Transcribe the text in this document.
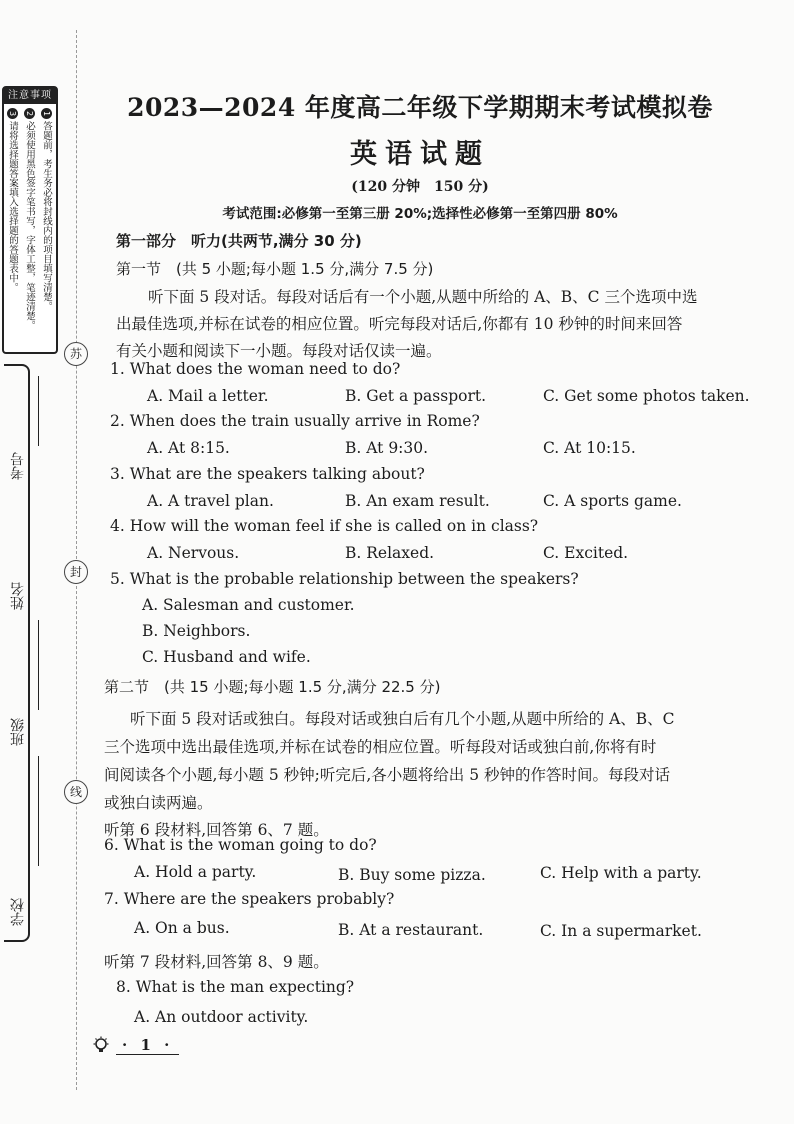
注意事项
1答题前，考生务必将封线内的项目填写清楚。
2必须使用黑色签字笔书写，字体工整，笔迹清楚。
3请将选择题答案填入选择题的答题表中。
苏
封
线
考号
姓名
班级
学校
2023—2024 年度高二年级下学期期末考试模拟卷
英语试题
(120 分钟　150 分)
考试范围:必修第一至第三册 20%;选择性必修第一至第四册 80%
第一部分　听力(共两节,满分 30 分)
第一节　(共 5 小题;每小题 1.5 分,满分 7.5 分)
听下面 5 段对话。每段对话后有一个小题,从题中所给的 A、B、C 三个选项中选
出最佳选项,并标在试卷的相应位置。听完每段对话后,你都有 10 秒钟的时间来回答
有关小题和阅读下一小题。每段对话仅读一遍。
1. What does the woman need to do?
A. Mail a letter.	B. Get a passport.	C. Get some photos taken.
2. When does the train usually arrive in Rome?
A. At 8:15.	B. At 9:30.	C. At 10:15.
3. What are the speakers talking about?
A. A travel plan.	B. An exam result.	C. A sports game.
4. How will the woman feel if she is called on in class?
A. Nervous.	B. Relaxed.	C. Excited.
5. What is the probable relationship between the speakers?
A. Salesman and customer.
B. Neighbors.
C. Husband and wife.
第二节　(共 15 小题;每小题 1.5 分,满分 22.5 分)
听下面 5 段对话或独白。每段对话或独白后有几个小题,从题中所给的 A、B、C
三个选项中选出最佳选项,并标在试卷的相应位置。听每段对话或独白前,你将有时
间阅读各个小题,每小题 5 秒钟;听完后,各小题将给出 5 秒钟的作答时间。每段对话
或独白读两遍。
听第 6 段材料,回答第 6、7 题。
6. What is the woman going to do?
A. Hold a party.	B. Buy some pizza.	C. Help with a party.
7. Where are the speakers probably?
A. On a bus.	B. At a restaurant.	C. In a supermarket.
听第 7 段材料,回答第 8、9 题。
8. What is the man expecting?
A. An outdoor activity.
· 1 ·
